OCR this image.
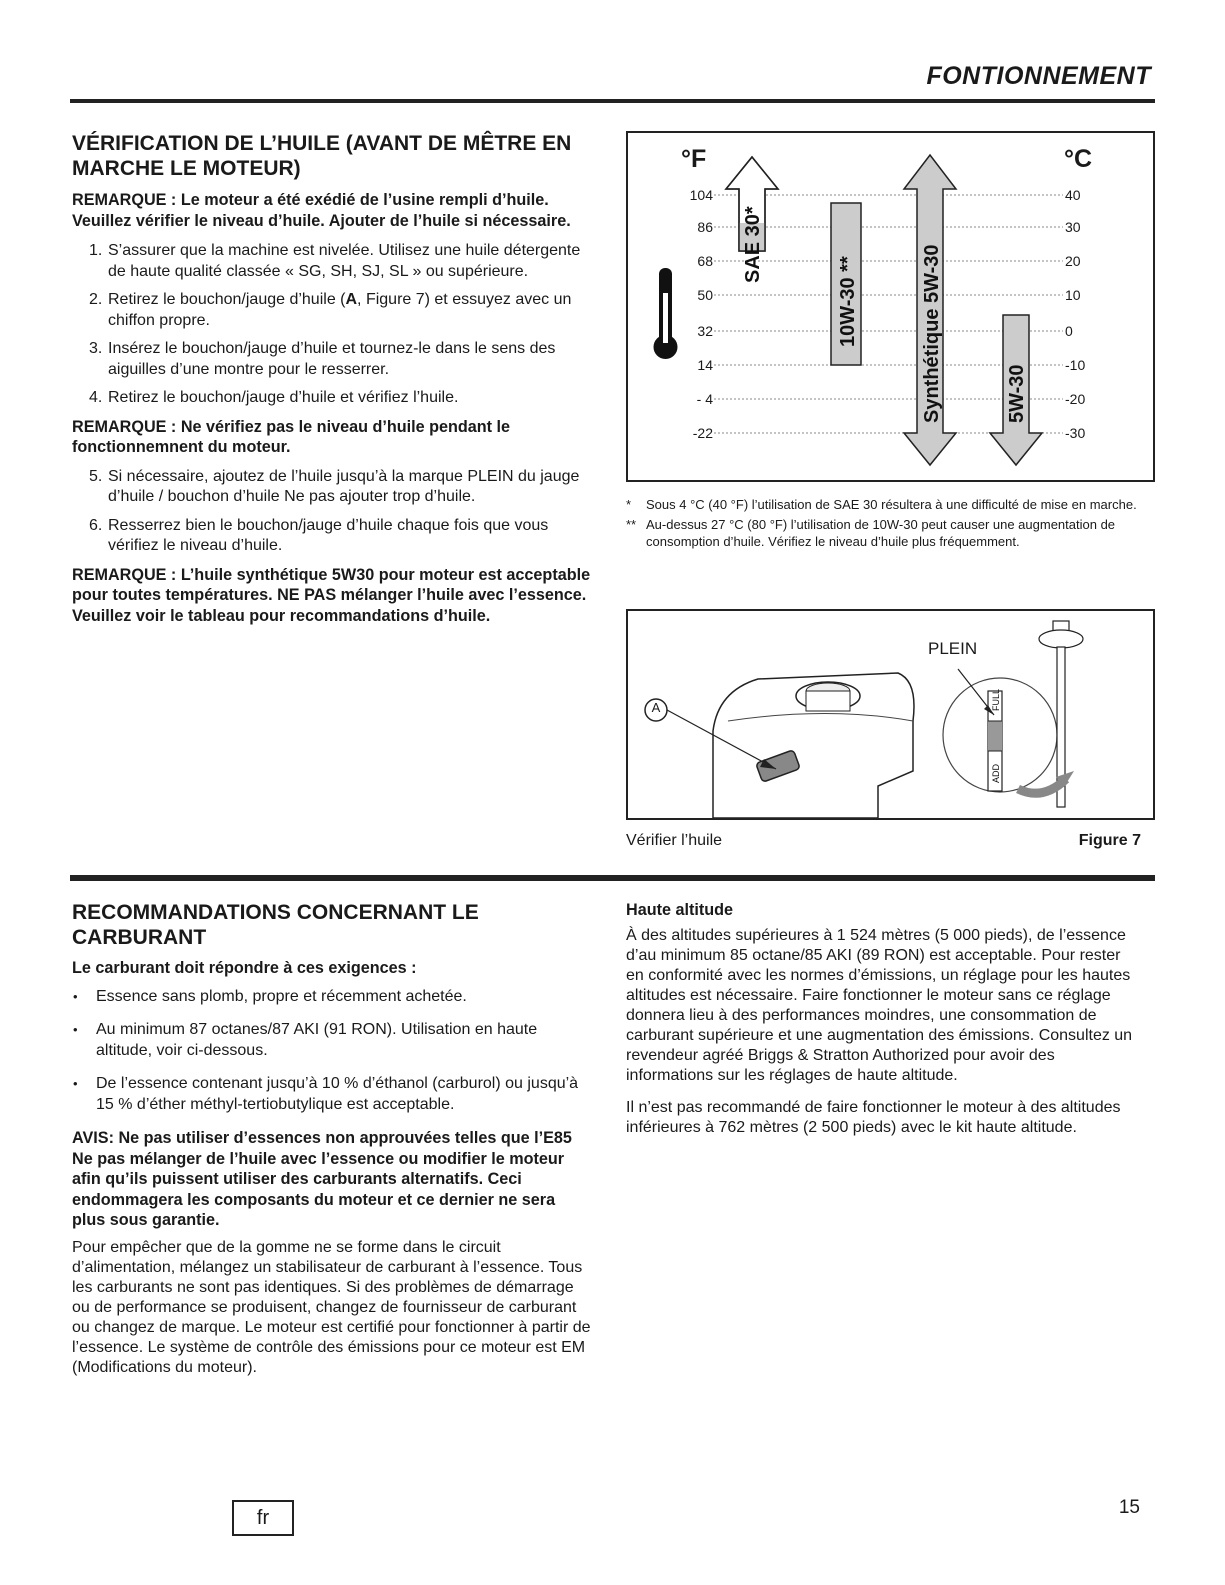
FONTIONNEMENT
VÉRIFICATION DE L’HUILE (AVANT DE MÊTRE EN MARCHE LE MOTEUR)

REMARQUE : Le moteur a été exédié de l’usine rempli d’huile. Veuillez vérifier le niveau d’huile. Ajouter de l’huile si nécessaire.

1. S’assurer que la machine est nivelée. Utilisez une huile détergente de haute qualité classée « SG, SH, SJ, SL » ou supérieure.
2. Retirez le bouchon/jauge d’huile (A, Figure 7) et essuyez avec un chiffon propre.
3. Insérez le bouchon/jauge d’huile et tournez-le dans le sens des aiguilles d’une montre pour le resserrer.
4. Retirez le bouchon/jauge d’huile et vérifiez l’huile.

REMARQUE : Ne vérifiez pas le niveau d’huile pendant le fonctionnemnent du moteur.

5. Si nécessaire, ajoutez de l’huile jusqu’à la marque PLEIN du jauge d’huile / bouchon d’huile Ne pas ajouter trop d’huile.
6. Resserrez bien le bouchon/jauge d’huile chaque fois que vous vérifiez le niveau d’huile.

REMARQUE : L’huile synthétique 5W30 pour moteur est acceptable pour toutes températures. NE PAS mélanger l’huile avec l’essence. Veuillez voir le tableau pour recommandations d’huile.

SAE 30*
10W-30 **	Synthétique 5W-30	5W-30
°F	°C
104
86
68
50
32
14
- 4
-22
40
30
20
10
0
-10
-20
-30
* Sous 4 °C (40 °F) l’utilisation de SAE 30 résultera à une difficulté de mise en marche.
** Au-dessus 27 °C (80 °F) l’utilisation de 10W-30 peut causer une augmentation de consomption d’huile. Vérifiez le niveau d’huile plus fréquemment.
FULL
ADD
PLEIN
A
Vérifier l’huile	Figure 7
RECOMMANDATIONS CONCERNANT LE CARBURANT

Le carburant doit répondre à ces exigences :

• Essence sans plomb, propre et récemment achetée.
• Au minimum 87 octanes/87 AKI (91 RON). Utilisation en haute altitude, voir ci-dessous.
• De l’essence contenant jusqu’à 10 % d’éthanol (carburol) ou jusqu’à 15 % d’éther méthyl-tertiobutylique est acceptable.

AVIS: Ne pas utiliser d’essences non approuvées telles que l’E85 Ne pas mélanger de l’huile avec l’essence ou modifier le moteur afin qu’ils puissent utiliser des carburants alternatifs. Ceci endommagera les composants du moteur et ce dernier ne sera plus sous garantie.

Pour empêcher que de la gomme ne se forme dans le circuit d’alimentation, mélangez un stabilisateur de carburant à l’essence. Tous les carburants ne sont pas identiques. Si des problèmes de démarrage ou de performance se produisent, changez de fournisseur de carburant ou changez de marque. Le moteur est certifié pour fonctionner à partir de l’essence. Le système de contrôle des émissions pour ce moteur est EM (Modifications du moteur).

Haute altitude

À des altitudes supérieures à 1 524 mètres (5 000 pieds), de l’essence d’au minimum 85 octane/85 AKI (89 RON) est acceptable. Pour rester en conformité avec les normes d’émissions, un réglage pour les hautes altitudes est nécessaire. Faire fonctionner le moteur sans ce réglage donnera lieu à des performances moindres, une consommation de carburant supérieure et une augmentation des émissions. Consultez un revendeur agréé Briggs & Stratton Authorized pour avoir des informations sur les réglages de haute altitude.

Il n’est pas recommandé de faire fonctionner le moteur à des altitudes inférieures à 762 mètres (2 500 pieds) avec le kit haute altitude.

fr	15
